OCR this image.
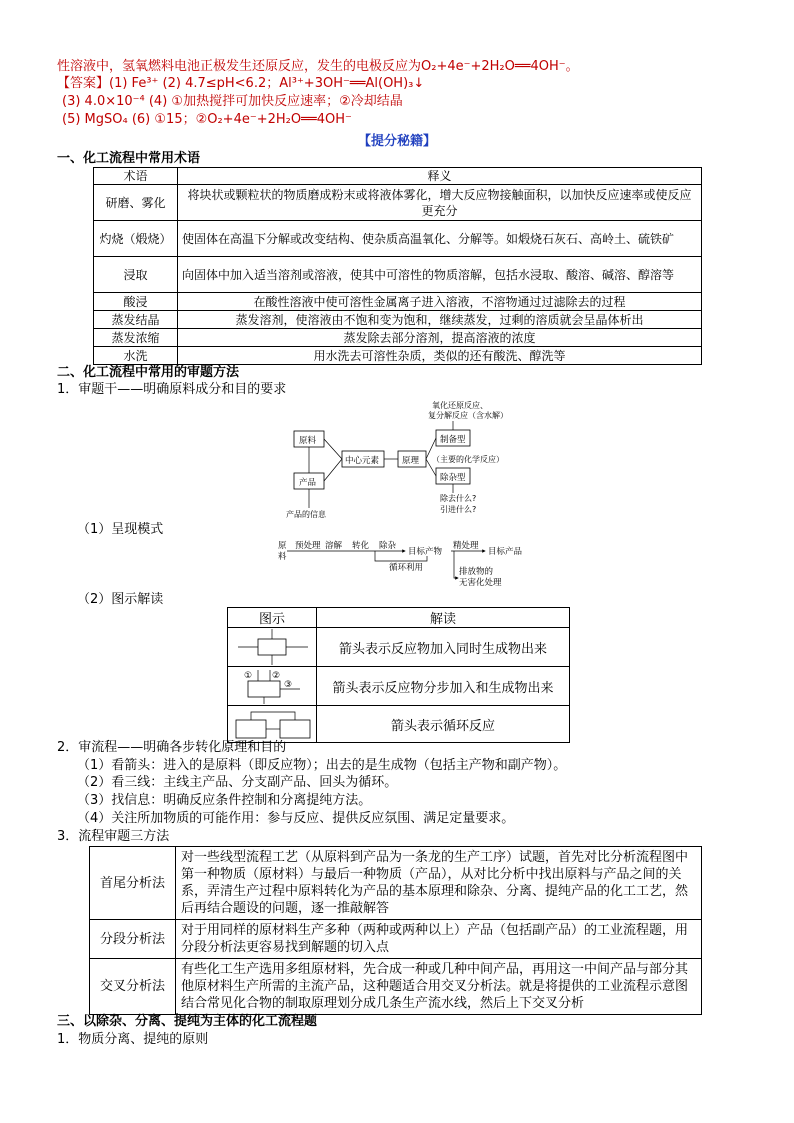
性溶液中，氢氧燃料电池正极发生还原反应，发生的电极反应为O₂+4e⁻+2H₂O══4OH⁻。
【答案】(1) Fe³⁺ (2) 4.7≤pH<6.2；Al³⁺+3OH⁻══Al(OH)₃↓
(3) 4.0×10⁻⁴ (4) ①加热搅拌可加快反应速率；②冷却结晶
(5) MgSO₄ (6) ①15；②O₂+4e⁻+2H₂O══4OH⁻
【提分秘籍】
一、化工流程中常用术语
术语	释义
研磨、雾化	将块状或颗粒状的物质磨成粉末或将液体雾化，增大反应物接触面积，以加快反应速率或使反应更充分
灼烧（煅烧）	使固体在高温下分解或改变结构、使杂质高温氧化、分解等。如煅烧石灰石、高岭土、硫铁矿
浸取	向固体中加入适当溶剂或溶液，使其中可溶性的物质溶解，包括水浸取、酸溶、碱溶、醇溶等
酸浸	在酸性溶液中使可溶性金属离子进入溶液，不溶物通过过滤除去的过程
蒸发结晶	蒸发溶剂，使溶液由不饱和变为饱和，继续蒸发，过剩的溶质就会呈晶体析出
蒸发浓缩	蒸发除去部分溶剂，提高溶液的浓度
水洗	用水洗去可溶性杂质，类似的还有酸洗、醇洗等
二、化工流程中常用的审题方法
1．审题干——明确原料成分和目的要求
氧化还原反应、
复分解反应（含水解）
（主要的化学反应）
除去什么?
引进什么?
产品的信息
原料
产品
中心元素	原理
制备型
除杂型
（1）呈现模式
原
料
预处理 溶解 转化 除杂
目标产物
精处理
目标产品
循环利用	排放物的
无害化处理
（2）图示解读
图示	解读

	箭头表示反应物加入同时生成物出来

① ②
③	箭头表示反应物分步加入和生成物出来

	箭头表示循环反应
2．审流程——明确各步转化原理和目的
（1）看箭头：进入的是原料（即反应物）；出去的是生成物（包括主产物和副产物）。
（2）看三线：主线主产品、分支副产品、回头为循环。
（3）找信息：明确反应条件控制和分离提纯方法。
（4）关注所加物质的可能作用：参与反应、提供反应氛围、满足定量要求。
3．流程审题三方法
首尾分析法	对一些线型流程工艺（从原料到产品为一条龙的生产工序）试题，首先对比分析流程图中第一种物质（原材料）与最后一种物质（产品），从对比分析中找出原料与产品之间的关系，弄清生产过程中原料转化为产品的基本原理和除杂、分离、提纯产品的化工工艺，然后再结合题设的问题，逐一推敲解答
分段分析法	对于用同样的原材料生产多种（两种或两种以上）产品（包括副产品）的工业流程题，用分段分析法更容易找到解题的切入点
交叉分析法	有些化工生产选用多组原材料，先合成一种或几种中间产品，再用这一中间产品与部分其他原材料生产所需的主流产品，这种题适合用交叉分析法。就是将提供的工业流程示意图结合常见化合物的制取原理划分成几条生产流水线，然后上下交叉分析
三、以除杂、分离、提纯为主体的化工流程题
1．物质分离、提纯的原则
